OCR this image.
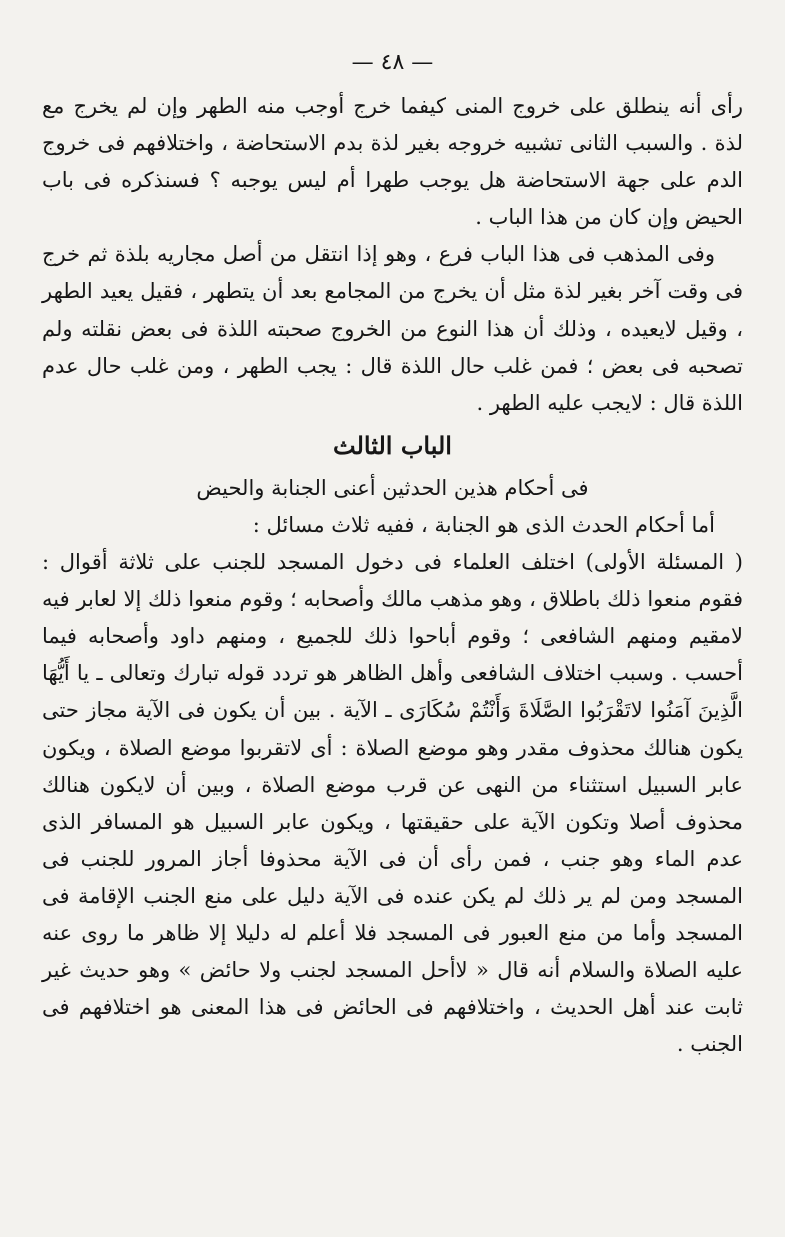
— ٤٨ —

رأى أنه ينطلق على خروج المنى كيفما خرج أوجب منه الطهر وإن لم يخرج مع لذة . والسبب الثانى تشبيه خروجه بغير لذة بدم الاستحاضة ، واختلافهم فى خروج الدم على جهة الاستحاضة هل يوجب طهرا أم ليس يوجبه ؟ فسنذكره فى باب الحيض وإن كان من هذا الباب .

وفى المذهب فى هذا الباب فرع ، وهو إذا انتقل من أصل مجاريه بلذة ثم خرج فى وقت آخر بغير لذة مثل أن يخرج من المجامع بعد أن يتطهر ، فقيل يعيد الطهر ، وقيل لايعيده ، وذلك أن هذا النوع من الخروج صحبته اللذة فى بعض نقلته ولم تصحبه فى بعض ؛ فمن غلب حال اللذة قال : يجب الطهر ، ومن غلب حال عدم اللذة قال : لايجب عليه الطهر .

الباب الثالث

فى أحكام هذين الحدثين أعنى الجنابة والحيض

أما أحكام الحدث الذى هو الجنابة ، ففيه ثلاث مسائل :

( المسئلة الأولى) اختلف العلماء فى دخول المسجد للجنب على ثلاثة أقوال : فقوم منعوا ذلك باطلاق ، وهو مذهب مالك وأصحابه ؛ وقوم منعوا ذلك إلا لعابر فيه لامقيم ومنهم الشافعى ؛ وقوم أباحوا ذلك للجميع ، ومنهم داود وأصحابه فيما أحسب . وسبب اختلاف الشافعى وأهل الظاهر هو تردد قوله تبارك وتعالى ـ يا أَيُّهَا الَّذِينَ آمَنُوا لاتَقْرَبُوا الصَّلَاةَ وَأَنْتُمْ سُكَارَى ـ الآية . بين أن يكون فى الآية مجاز حتى يكون هنالك محذوف مقدر وهو موضع الصلاة : أى لاتقربوا موضع الصلاة ، ويكون عابر السبيل استثناء من النهى عن قرب موضع الصلاة ، وبين أن لايكون هنالك محذوف أصلا وتكون الآية على حقيقتها ، ويكون عابر السبيل هو المسافر الذى عدم الماء وهو جنب ، فمن رأى أن فى الآية محذوفا أجاز المرور للجنب فى المسجد ومن لم ير ذلك لم يكن عنده فى الآية دليل على منع الجنب الإقامة فى المسجد وأما من منع العبور فى المسجد فلا أعلم له دليلا إلا ظاهر ما روى عنه عليه الصلاة والسلام أنه قال « لاأحل المسجد لجنب ولا حائض » وهو حديث غير ثابت عند أهل الحديث ، واختلافهم فى الحائض فى هذا المعنى هو اختلافهم فى الجنب .
